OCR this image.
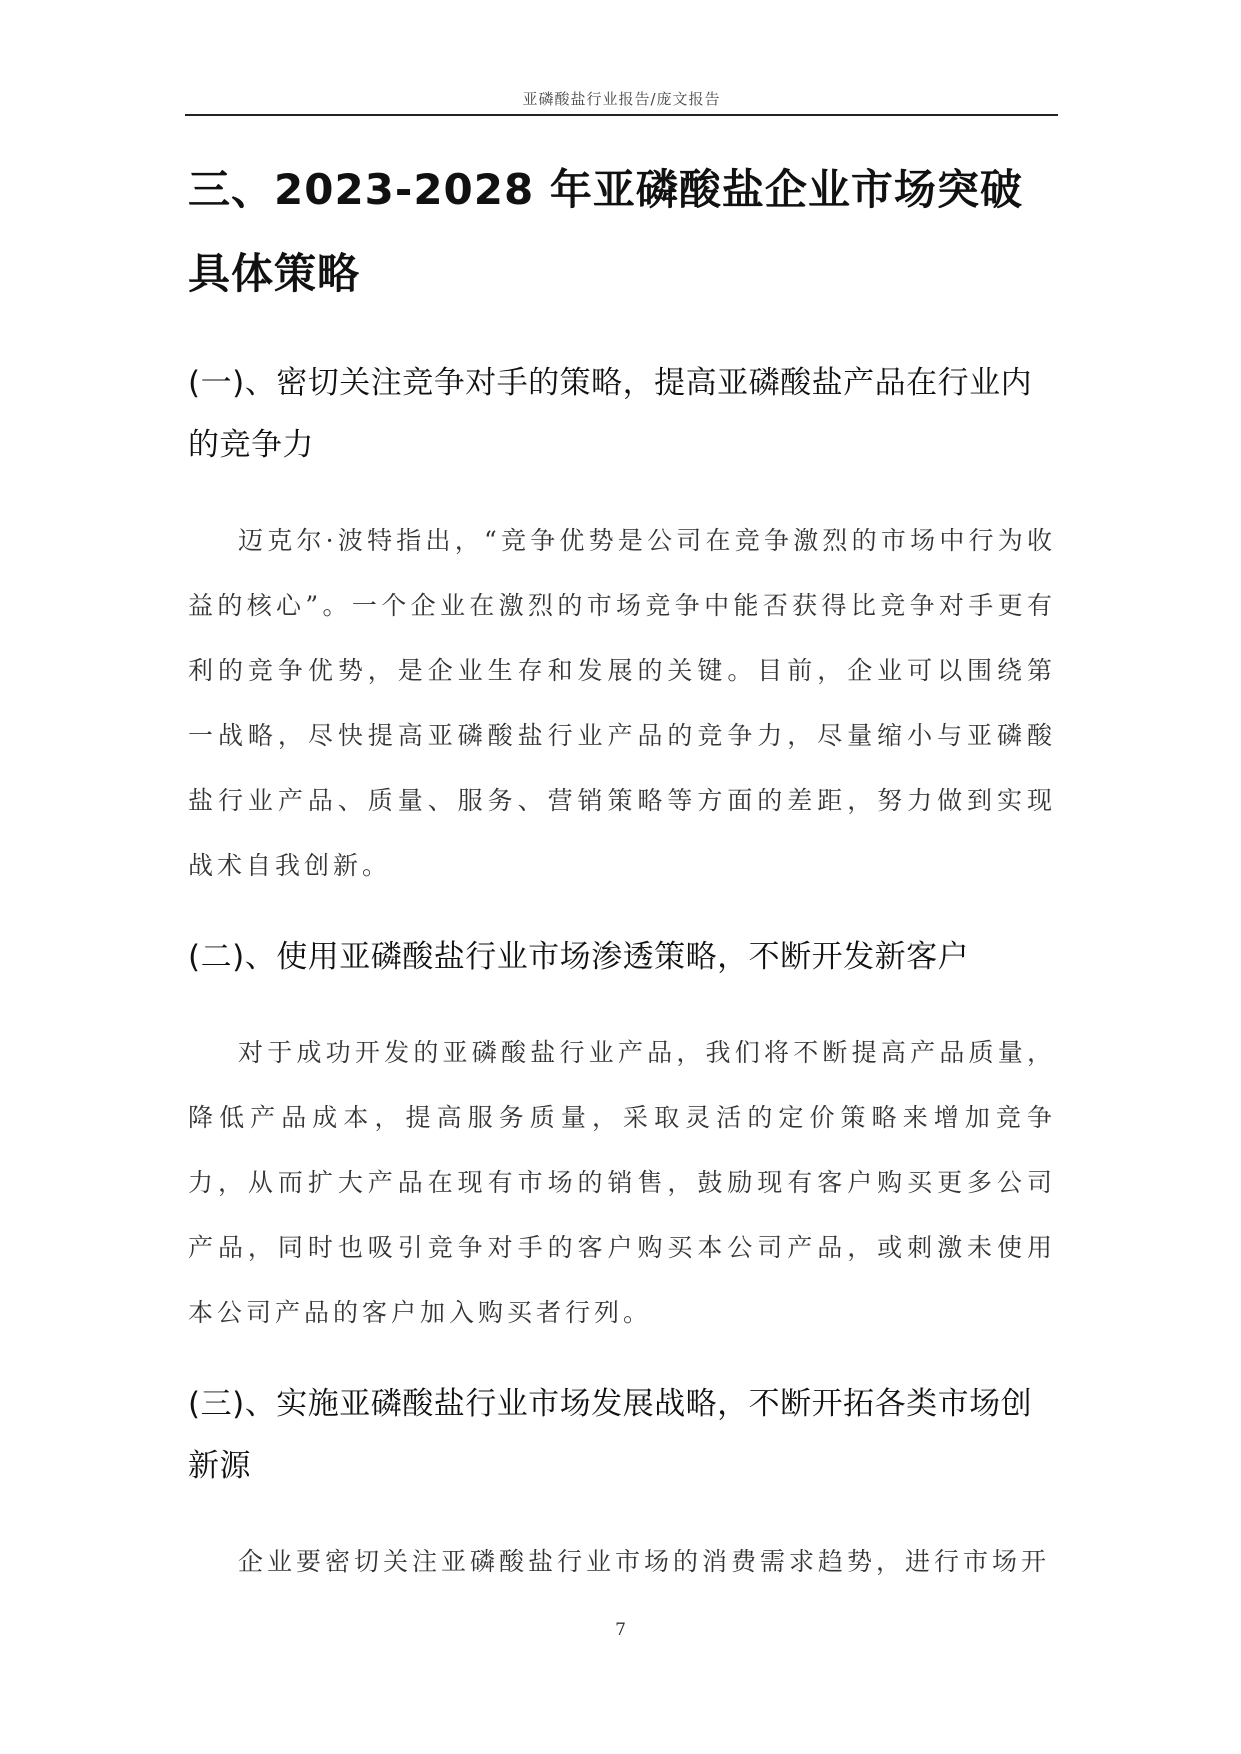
亚磷酸盐行业报告/庞文报告
三、2023-2028 年亚磷酸盐企业市场突破具体策略
(一)、密切关注竞争对手的策略，提高亚磷酸盐产品在行业内的竞争力

迈克尔·波特指出，“竞争优势是公司在竞争激烈的市场中行为收益的核心”。一个企业在激烈的市场竞争中能否获得比竞争对手更有利的竞争优势，是企业生存和发展的关键。目前，企业可以围绕第一战略，尽快提高亚磷酸盐行业产品的竞争力，尽量缩小与亚磷酸盐行业产品、质量、服务、营销策略等方面的差距，努力做到实现战术自我创新。

(二)、使用亚磷酸盐行业市场渗透策略，不断开发新客户

对于成功开发的亚磷酸盐行业产品，我们将不断提高产品质量，降低产品成本，提高服务质量，采取灵活的定价策略来增加竞争力，从而扩大产品在现有市场的销售，鼓励现有客户购买更多公司产品，同时也吸引竞争对手的客户购买本公司产品，或刺激未使用本公司产品的客户加入购买者行列。

(三)、实施亚磷酸盐行业市场发展战略，不断开拓各类市场创新源

企业要密切关注亚磷酸盐行业市场的消费需求趋势，进行市场开

7
